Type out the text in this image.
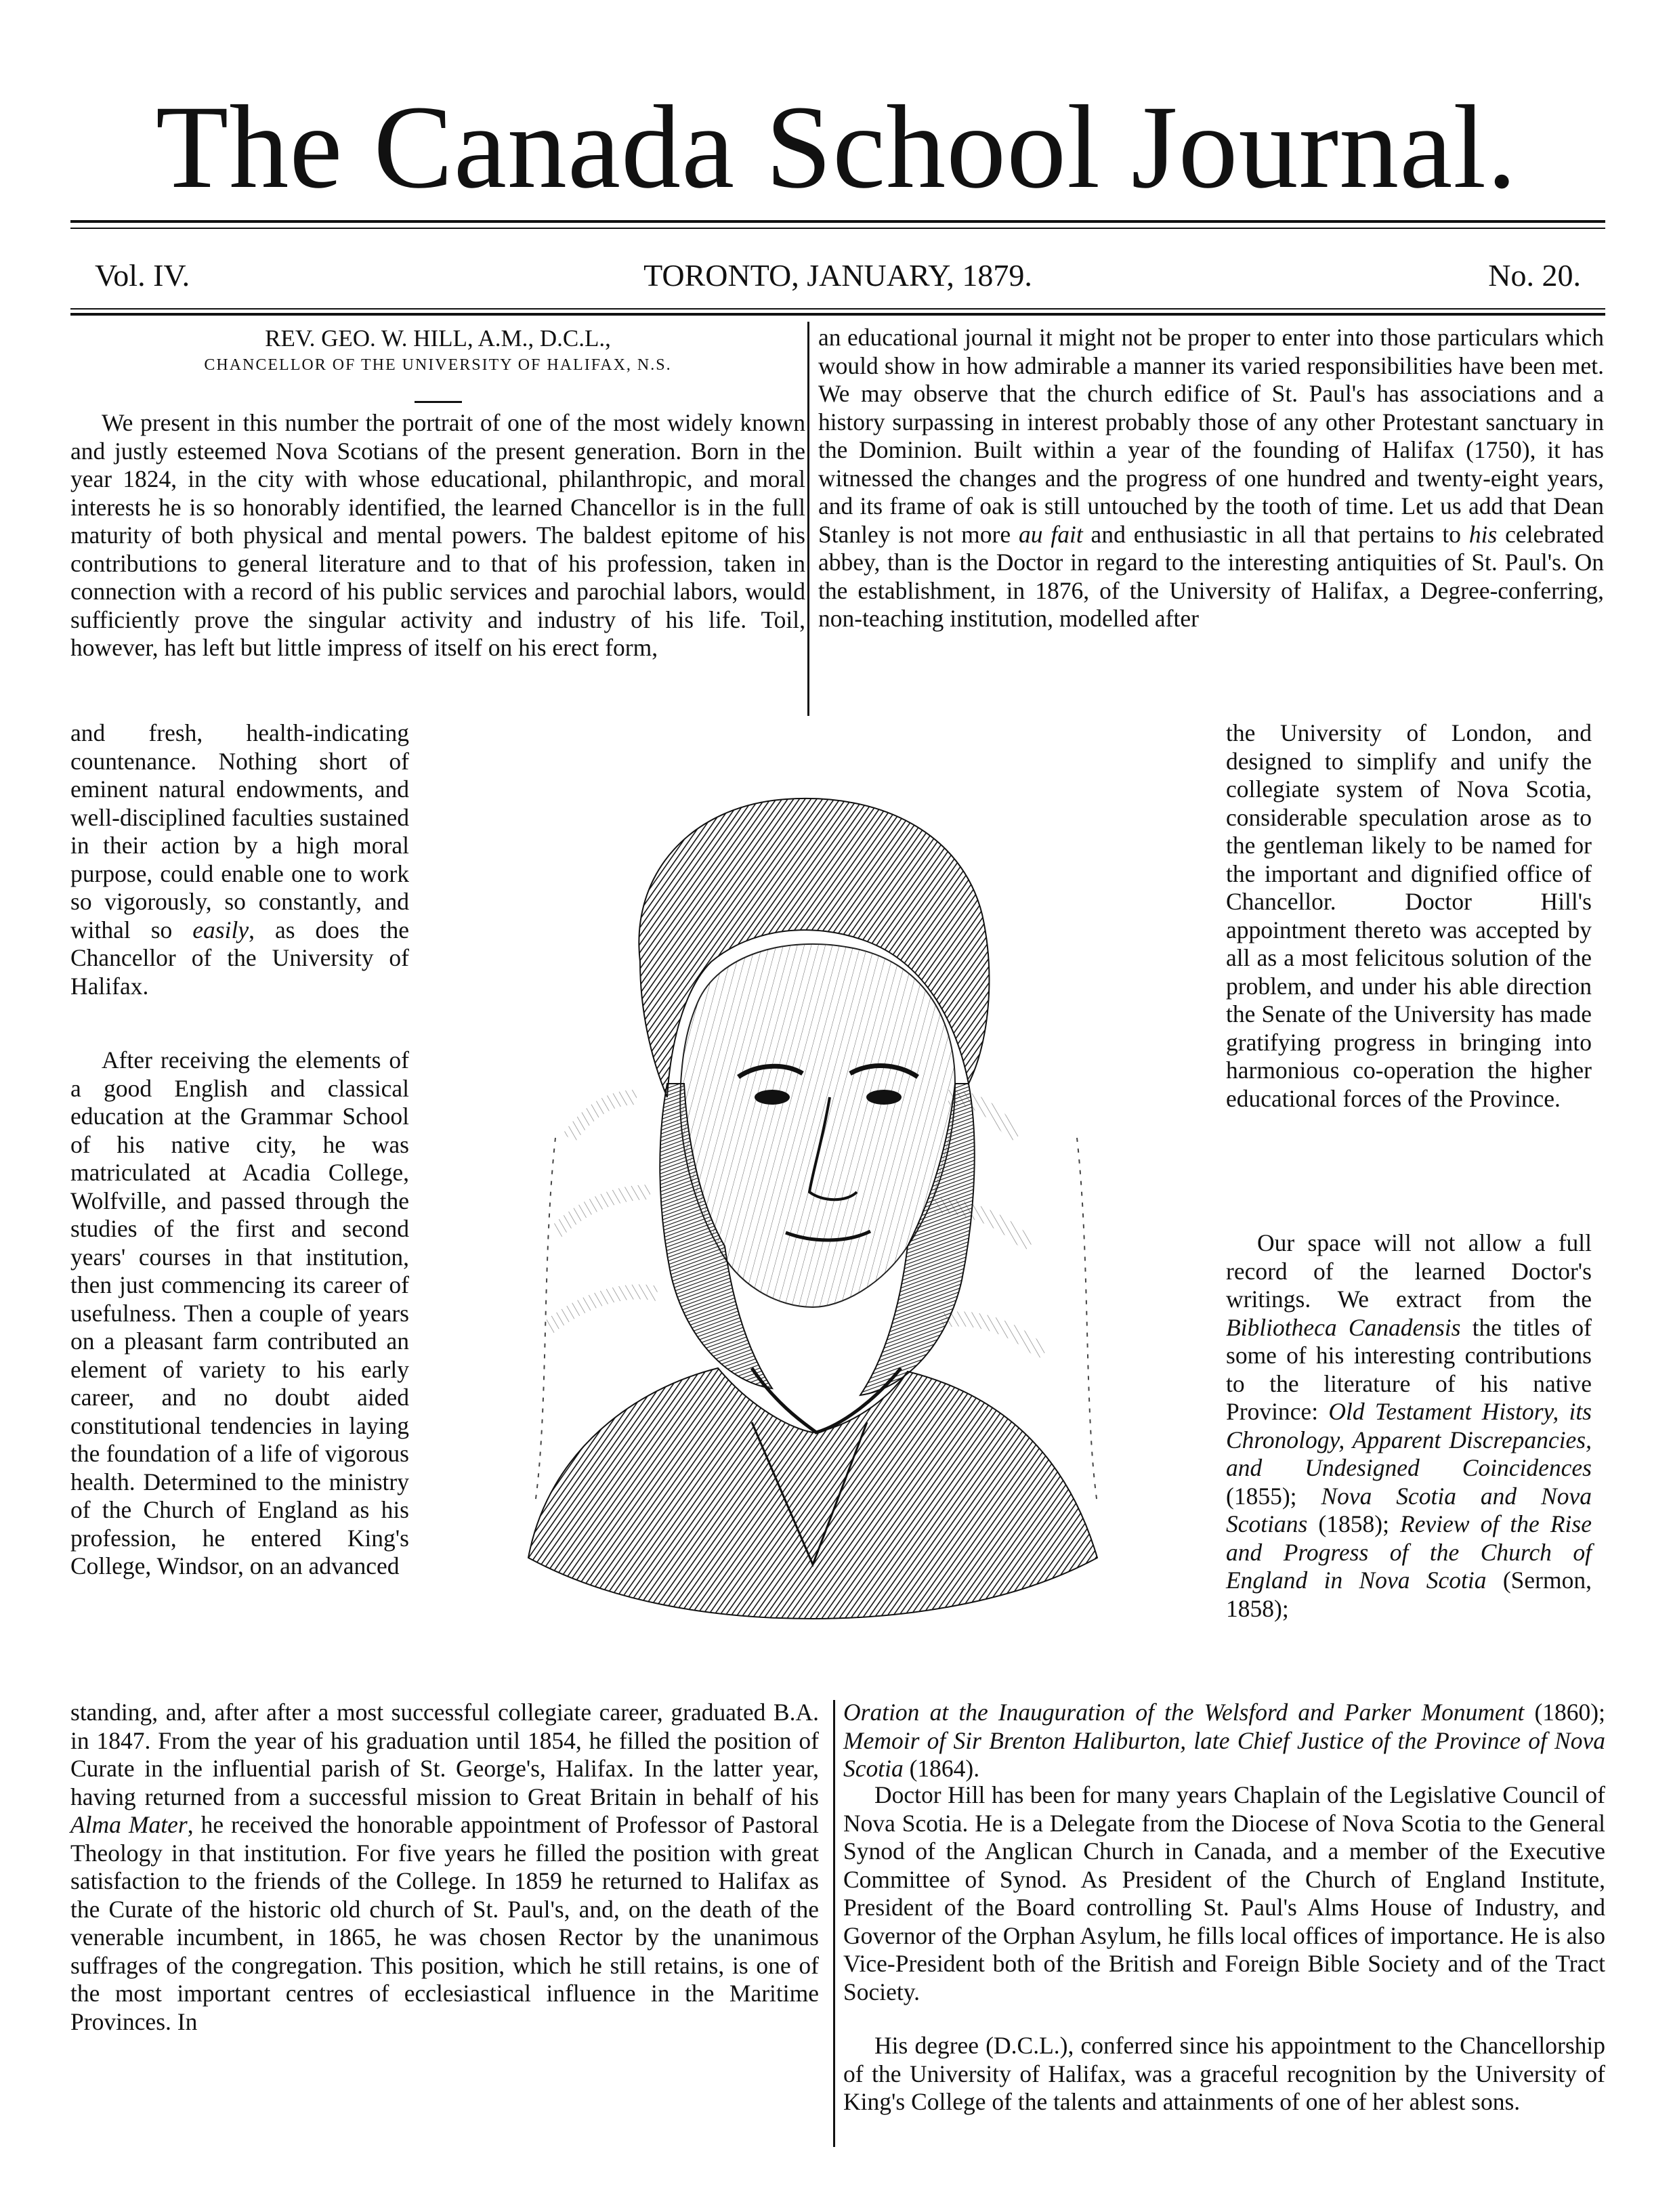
The Canada School Journal.
TORONTO, JANUARY, 1879.
Vol. IV.	No. 20.
REV. GEO. W. HILL, A.M., D.C.L.,
CHANCELLOR OF THE UNIVERSITY OF HALIFAX, N.S.

We present in this number the portrait of one of the most widely known and justly esteemed Nova Scotians of the present generation. Born in the year 1824, in the city with whose educational, philanthropic, and moral interests he is so honorably identified, the learned Chancellor is in the full maturity of both physical and mental powers. The baldest epitome of his contributions to general literature and to that of his profession, taken in connection with a record of his public services and parochial labors, would sufficiently prove the singular activity and industry of his life. Toil, however, has left but little impress of itself on his erect form,

and fresh, health-indicating countenance. Nothing short of eminent natural endowments, and well-disciplined faculties sustained in their action by a high moral purpose, could enable one to work so vigorously, so constantly, and withal so easily, as does the Chancellor of the University of Halifax.

After receiving the elements of a good English and classical education at the Grammar School of his native city, he was matriculated at Acadia College, Wolfville, and passed through the studies of the first and second years' courses in that institution, then just commencing its career of usefulness. Then a couple of years on a pleasant farm contributed an element of variety to his early career, and no doubt aided constitutional tendencies in laying the foundation of a life of vigorous health. Determined to the ministry of the Church of England as his profession, he entered King's College, Windsor, on an advanced

standing, and, after after a most successful collegiate career, graduated B.A. in 1847. From the year of his graduation until 1854, he filled the position of Curate in the influential parish of St. George's, Halifax. In the latter year, having returned from a successful mission to Great Britain in behalf of his Alma Mater, he received the honorable appointment of Professor of Pastoral Theology in that institution. For five years he filled the position with great satisfaction to the friends of the College. In 1859 he returned to Halifax as the Curate of the historic old church of St. Paul's, and, on the death of the venerable incumbent, in 1865, he was chosen Rector by the unanimous suffrages of the congregation. This position, which he still retains, is one of the most important centres of ecclesiastical influence in the Maritime Provinces. In

an educational journal it might not be proper to enter into those particulars which would show in how admirable a manner its varied responsibilities have been met. We may observe that the church edifice of St. Paul's has associations and a history surpassing in interest probably those of any other Protestant sanctuary in the Dominion. Built within a year of the founding of Halifax (1750), it has witnessed the changes and the progress of one hundred and twenty-eight years, and its frame of oak is still untouched by the tooth of time. Let us add that Dean Stanley is not more au fait and enthusiastic in all that pertains to his celebrated abbey, than is the Doctor in regard to the interesting antiquities of St. Paul's. On the establishment, in 1876, of the University of Halifax, a Degree-conferring, non-teaching institution, modelled after

the University of London, and designed to simplify and unify the collegiate system of Nova Scotia, considerable speculation arose as to the gentleman likely to be named for the important and dignified office of Chancellor. Doctor Hill's appointment thereto was accepted by all as a most felicitous solution of the problem, and under his able direction the Senate of the University has made gratifying progress in bringing into harmonious co-operation the higher educational forces of the Province.

Our space will not allow a full record of the learned Doctor's writings. We extract from the Bibliotheca Canadensis the titles of some of his interesting contributions to the literature of his native Province: Old Testament History, its Chronology, Apparent Discrepancies, and Undesigned Coincidences (1855); Nova Scotia and Nova Scotians (1858); Review of the Rise and Progress of the Church of England in Nova Scotia (Sermon, 1858);

Oration at the Inauguration of the Welsford and Parker Monument (1860); Memoir of Sir Brenton Haliburton, late Chief Justice of the Province of Nova Scotia (1864).

Doctor Hill has been for many years Chaplain of the Legislative Council of Nova Scotia. He is a Delegate from the Diocese of Nova Scotia to the General Synod of the Anglican Church in Canada, and a member of the Executive Committee of Synod. As President of the Church of England Institute, President of the Board controlling St. Paul's Alms House of Industry, and Governor of the Orphan Asylum, he fills local offices of importance. He is also Vice-President both of the British and Foreign Bible Society and of the Tract Society.

His degree (D.C.L.), conferred since his appointment to the Chancellorship of the University of Halifax, was a graceful recognition by the University of King's College of the talents and attainments of one of her ablest sons.
